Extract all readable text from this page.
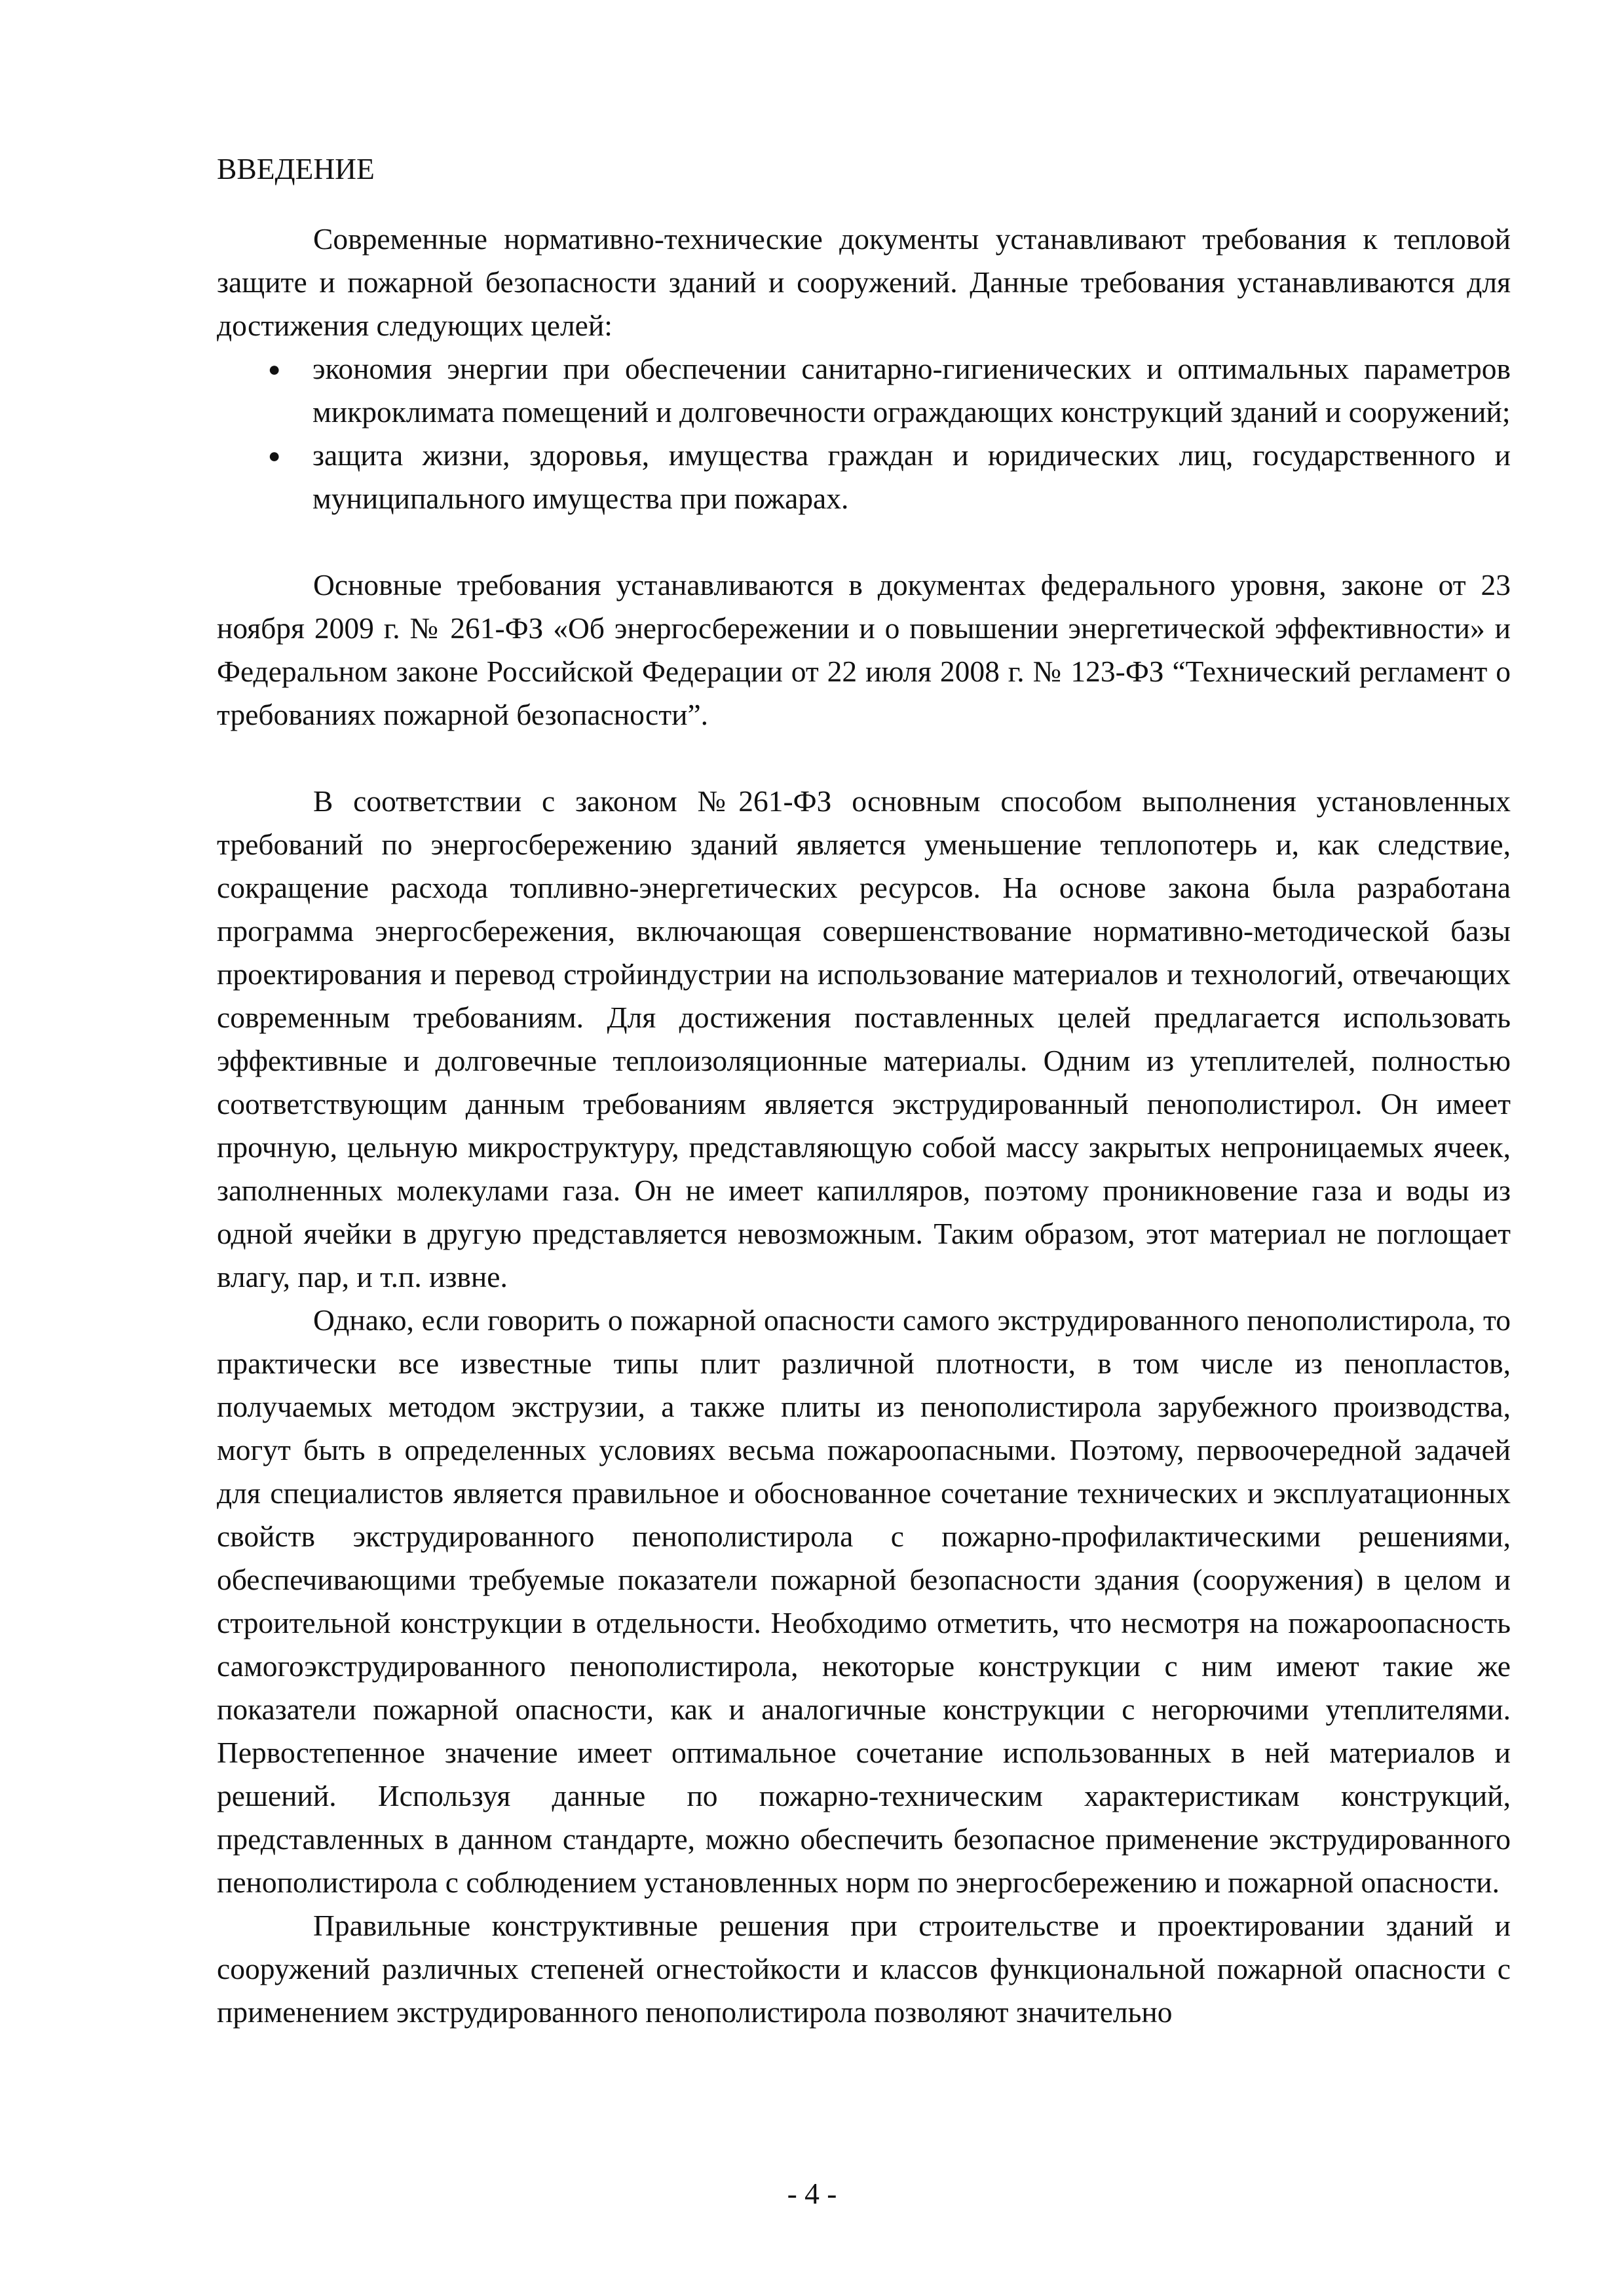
ВВЕДЕНИЕ

Современные нормативно-технические документы устанавливают требования к тепловой защите и пожарной безопасности зданий и сооружений. Данные требования устанавливаются для достижения следующих целей:

● экономия энергии при обеспечении санитарно-гигиенических и оптимальных параметров микроклимата помещений и долговечности ограждающих конструкций зданий и сооружений;
● защита жизни, здоровья, имущества граждан и юридических лиц, государственного и муниципального имущества при пожарах.

Основные требования устанавливаются в документах федерального уровня, законе от 23 ноября 2009 г. № 261-ФЗ «Об энергосбережении и о повышении энергетической эффективности» и Федеральном законе Российской Федерации от 22 июля 2008 г. № 123-ФЗ “Технический регламент о требованиях пожарной безопасности”.

В соответствии с законом №261-ФЗ основным способом выполнения установленных требований по энергосбережению зданий является уменьшение теплопотерь и, как следствие, сокращение расхода топливно-энергетических ресурсов. На основе закона была разработана программа энергосбережения, включающая совершенствование нормативно-методической базы проектирования и перевод стройиндустрии на использование материалов и технологий, отвечающих современным требованиям. Для достижения поставленных целей предлагается использовать эффективные и долговечные теплоизоляционные материалы. Одним из утеплителей, полностью соответствующим данным требованиям является экструдированный пенополистирол. Он имеет прочную, цельную микроструктуру, представляющую собой массу закрытых непроницаемых ячеек, заполненных молекулами газа. Он не имеет капилляров, поэтому проникновение газа и воды из одной ячейки в другую представляется невозможным. Таким образом, этот материал не поглощает влагу, пар, и т.п. извне.

Однако, если говорить о пожарной опасности самого экструдированного пенополистирола, то практически все известные типы плит различной плотности, в том числе из пенопластов, получаемых методом экструзии, а также плиты из пенополистирола зарубежного производства, могут быть в определенных условиях весьма пожароопасными. Поэтому, первоочередной задачей для специалистов является правильное и обоснованное сочетание технических и эксплуатационных свойств экструдированного пенополистирола с пожарно-профилактическими решениями, обеспечивающими требуемые показатели пожарной безопасности здания (сооружения) в целом и строительной конструкции в отдельности. Необходимо отметить, что несмотря на пожароопасность самогоэкструдированного пенополистирола, некоторые конструкции с ним имеют такие же показатели пожарной опасности, как и аналогичные конструкции с негорючими утеплителями. Первостепенное значение имеет оптимальное сочетание использованных в ней материалов и решений. Используя данные по пожарно-техническим характеристикам конструкций, представленных в данном стандарте, можно обеспечить безопасное применение экструдированного пенополистирола с соблюдением установленных норм по энергосбережению и пожарной опасности.

Правильные конструктивные решения при строительстве и проектировании зданий и сооружений различных степеней огнестойкости и классов функциональной пожарной опасности с применением экструдированного пенополистирола позволяют значительно

- 4 -
